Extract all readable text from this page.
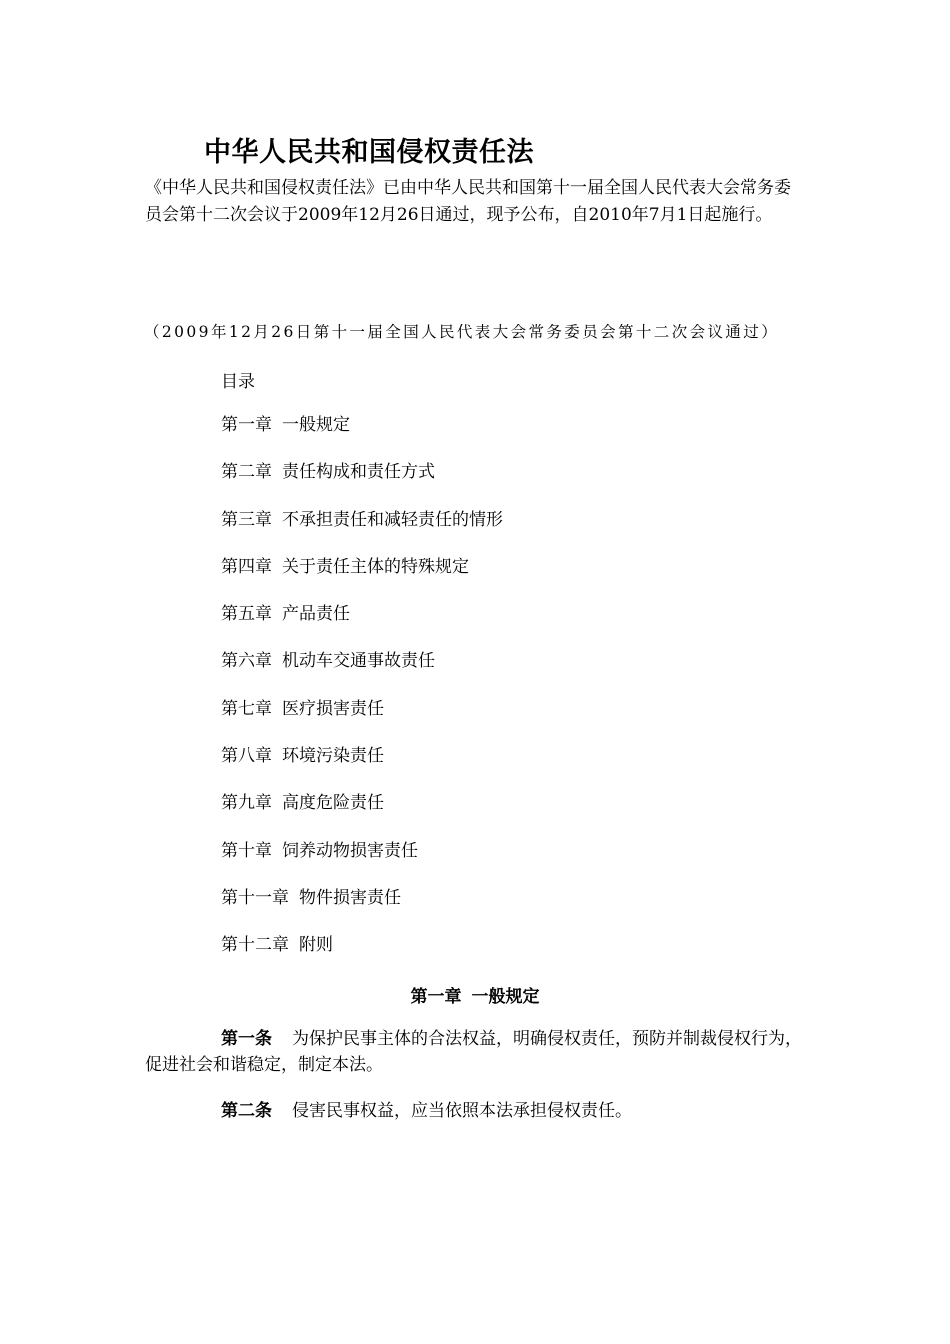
中华人民共和国侵权责任法
《中华人民共和国侵权责任法》已由中华人民共和国第十一届全国人民代表大会常务委员会第十二次会议于2009年12月26日通过，现予公布，自2010年7月1日起施行。
（2009年12月26日第十一届全国人民代表大会常务委员会第十二次会议通过）
目录
第一章 一般规定
第二章 责任构成和责任方式
第三章 不承担责任和减轻责任的情形
第四章 关于责任主体的特殊规定
第五章 产品责任
第六章 机动车交通事故责任
第七章 医疗损害责任
第八章 环境污染责任
第九章 高度危险责任
第十章 饲养动物损害责任
第十一章 物件损害责任
第十二章 附则
第一章 一般规定
第一条 为保护民事主体的合法权益，明确侵权责任，预防并制裁侵权行为，促进社会和谐稳定，制定本法。
第二条 侵害民事权益，应当依照本法承担侵权责任。
